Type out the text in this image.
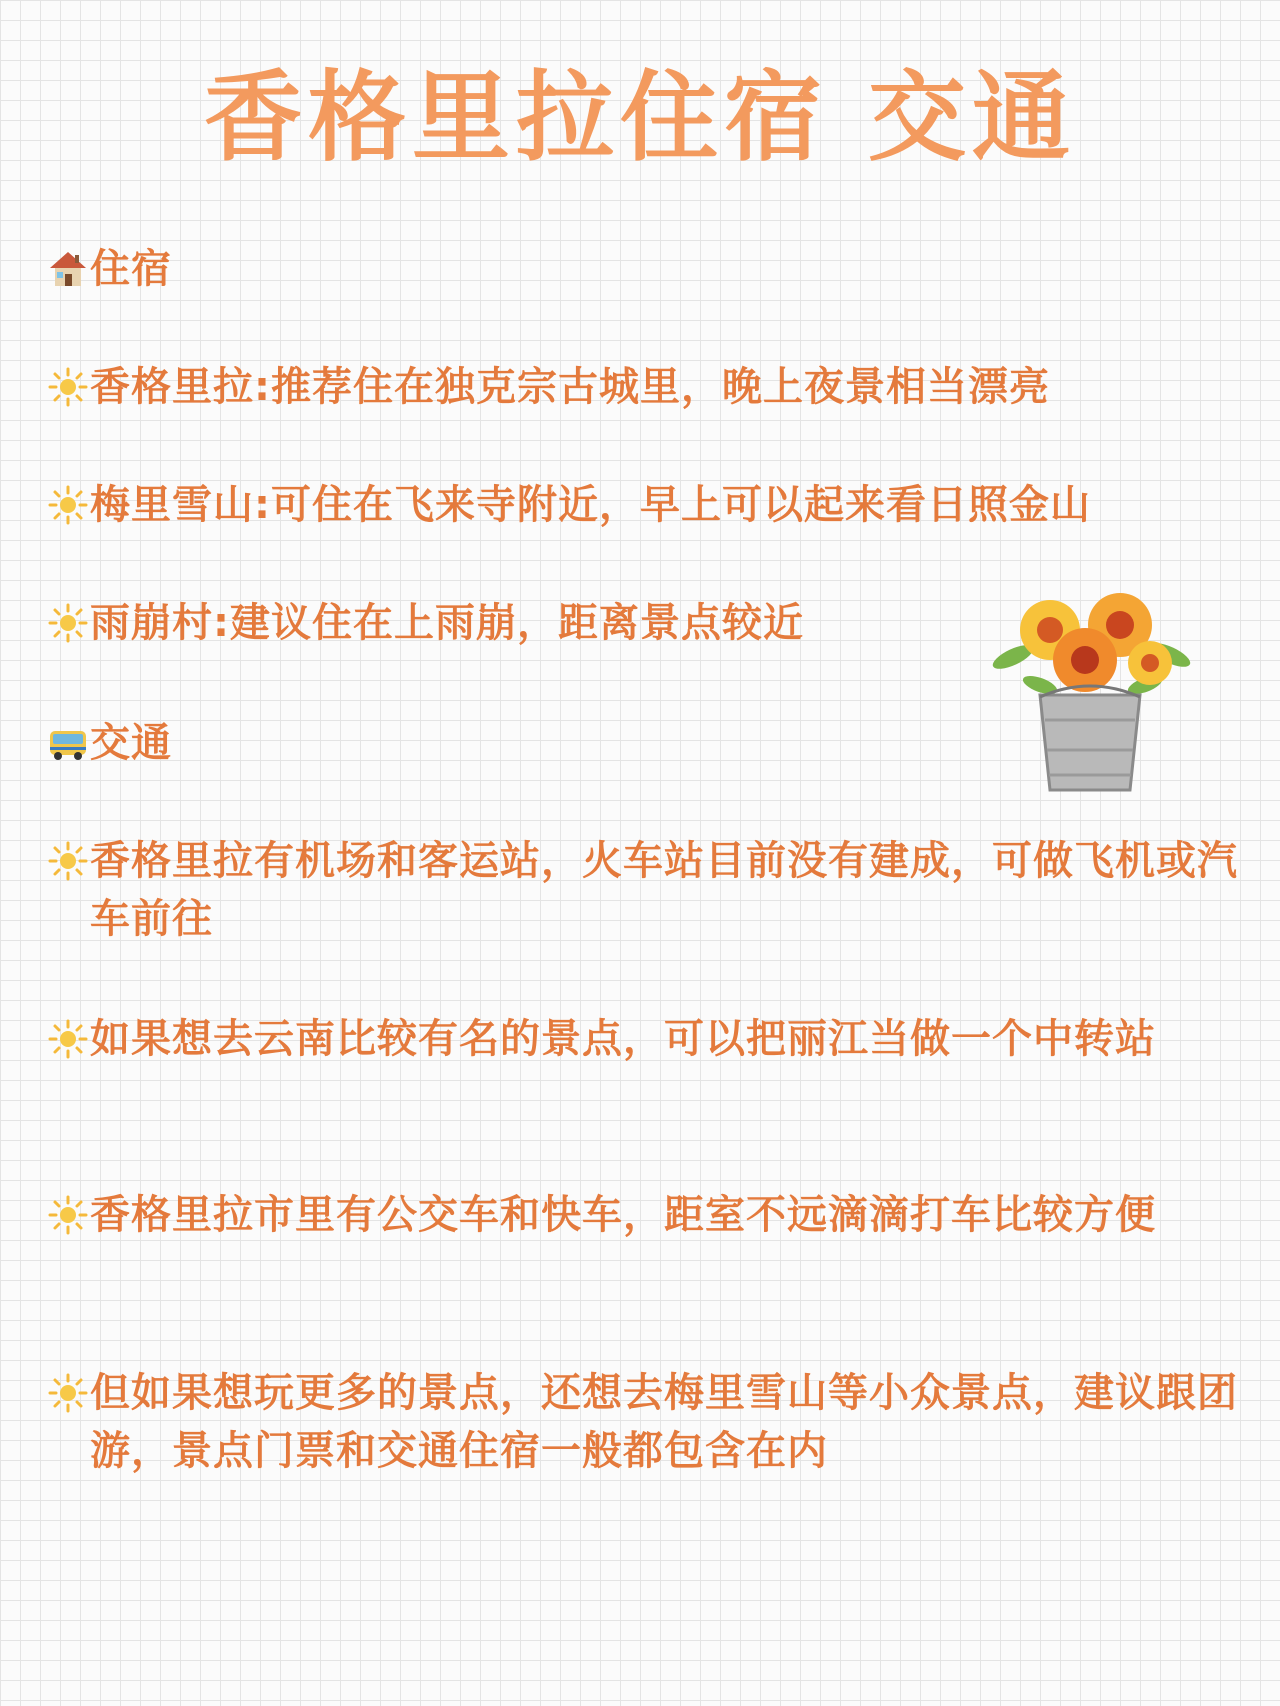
香格里拉住宿 交通
住宿
香格里拉:推荐住在独克宗古城里，晚上夜景相当漂亮
梅里雪山:可住在飞来寺附近，早上可以起来看日照金山
雨崩村:建议住在上雨崩，距离景点较近
交通
香格里拉有机场和客运站，火车站目前没有建成，可做飞机或汽车前往
如果想去云南比较有名的景点，可以把丽江当做一个中转站
香格里拉市里有公交车和快车，距室不远滴滴打车比较方便
但如果想玩更多的景点，还想去梅里雪山等小众景点，建议跟团游，景点门票和交通住宿一般都包含在内
